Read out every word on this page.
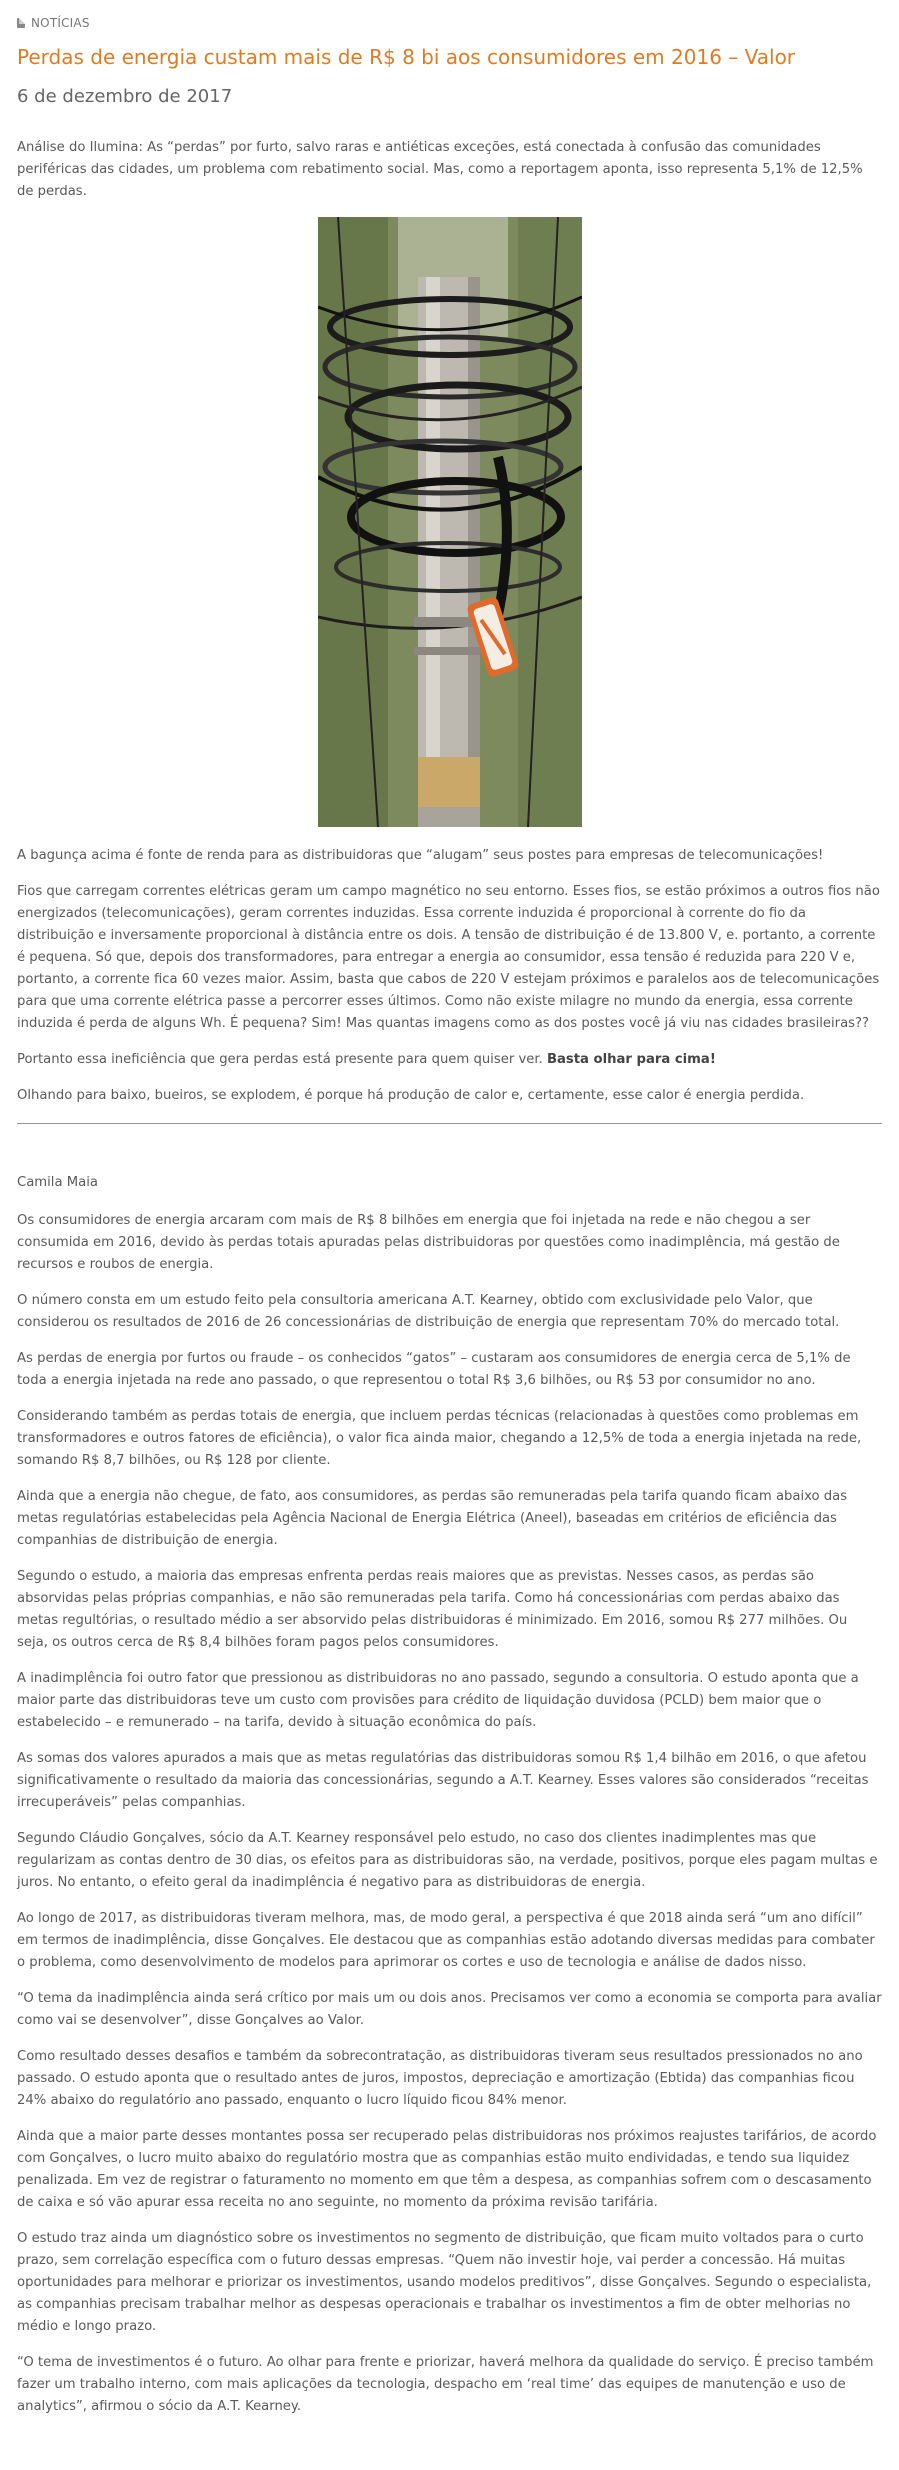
NOTÍCIAS
Perdas de energia custam mais de R$ 8 bi aos consumidores em 2016 – Valor
6 de dezembro de 2017

Análise do Ilumina: As “perdas” por furto, salvo raras e antiéticas exceções, está conectada à confusão das comunidades periféricas das cidades, um problema com rebatimento social. Mas, como a reportagem aponta, isso representa 5,1% de 12,5% de perdas.

A bagunça acima é fonte de renda para as distribuidoras que “alugam” seus postes para empresas de telecomunicações!

Fios que carregam correntes elétricas geram um campo magnético no seu entorno. Esses fios, se estão próximos a outros fios não energizados (telecomunicações), geram correntes induzidas. Essa corrente induzida é proporcional à corrente do fio da distribuição e inversamente proporcional à distância entre os dois. A tensão de distribuição é de 13.800 V, e. portanto, a corrente é pequena. Só que, depois dos transformadores, para entregar a energia ao consumidor, essa tensão é reduzida para 220 V e, portanto, a corrente fica 60 vezes maior. Assim, basta que cabos de 220 V estejam próximos e paralelos aos de telecomunicações para que uma corrente elétrica passe a percorrer esses últimos. Como não existe milagre no mundo da energia, essa corrente induzida é perda de alguns Wh. É pequena? Sim! Mas quantas imagens como as dos postes você já viu nas cidades brasileiras??

Portanto essa ineficiência que gera perdas está presente para quem quiser ver. Basta olhar para cima!

Olhando para baixo, bueiros, se explodem, é porque há produção de calor e, certamente, esse calor é energia perdida.

Camila Maia

Os consumidores de energia arcaram com mais de R$ 8 bilhões em energia que foi injetada na rede e não chegou a ser consumida em 2016, devido às perdas totais apuradas pelas distribuidoras por questões como inadimplência, má gestão de recursos e roubos de energia.

O número consta em um estudo feito pela consultoria americana A.T. Kearney, obtido com exclusividade pelo Valor, que considerou os resultados de 2016 de 26 concessionárias de distribuição de energia que representam 70% do mercado total.

As perdas de energia por furtos ou fraude – os conhecidos “gatos” – custaram aos consumidores de energia cerca de 5,1% de toda a energia injetada na rede ano passado, o que representou o total R$ 3,6 bilhões, ou R$ 53 por consumidor no ano.

Considerando também as perdas totais de energia, que incluem perdas técnicas (relacionadas à questões como problemas em transformadores e outros fatores de eficiência), o valor fica ainda maior, chegando a 12,5% de toda a energia injetada na rede, somando R$ 8,7 bilhões, ou R$ 128 por cliente.

Ainda que a energia não chegue, de fato, aos consumidores, as perdas são remuneradas pela tarifa quando ficam abaixo das metas regulatórias estabelecidas pela Agência Nacional de Energia Elétrica (Aneel), baseadas em critérios de eficiência das companhias de distribuição de energia.

Segundo o estudo, a maioria das empresas enfrenta perdas reais maiores que as previstas. Nesses casos, as perdas são absorvidas pelas próprias companhias, e não são remuneradas pela tarifa. Como há concessionárias com perdas abaixo das metas regultórias, o resultado médio a ser absorvido pelas distribuidoras é minimizado. Em 2016, somou R$ 277 milhões. Ou seja, os outros cerca de R$ 8,4 bilhões foram pagos pelos consumidores.

A inadimplência foi outro fator que pressionou as distribuidoras no ano passado, segundo a consultoria. O estudo aponta que a maior parte das distribuidoras teve um custo com provisões para crédito de liquidação duvidosa (PCLD) bem maior que o estabelecido – e remunerado – na tarifa, devido à situação econômica do país.

As somas dos valores apurados a mais que as metas regulatórias das distribuidoras somou R$ 1,4 bilhão em 2016, o que afetou significativamente o resultado da maioria das concessionárias, segundo a A.T. Kearney. Esses valores são considerados “receitas irrecuperáveis” pelas companhias.

Segundo Cláudio Gonçalves, sócio da A.T. Kearney responsável pelo estudo, no caso dos clientes inadimplentes mas que regularizam as contas dentro de 30 dias, os efeitos para as distribuidoras são, na verdade, positivos, porque eles pagam multas e juros. No entanto, o efeito geral da inadimplência é negativo para as distribuidoras de energia.

Ao longo de 2017, as distribuidoras tiveram melhora, mas, de modo geral, a perspectiva é que 2018 ainda será “um ano difícil” em termos de inadimplência, disse Gonçalves. Ele destacou que as companhias estão adotando diversas medidas para combater o problema, como desenvolvimento de modelos para aprimorar os cortes e uso de tecnologia e análise de dados nisso.

“O tema da inadimplência ainda será crítico por mais um ou dois anos. Precisamos ver como a economia se comporta para avaliar como vai se desenvolver”, disse Gonçalves ao Valor.

Como resultado desses desafios e também da sobrecontratação, as distribuidoras tiveram seus resultados pressionados no ano passado. O estudo aponta que o resultado antes de juros, impostos, depreciação e amortização (Ebtida) das companhias ficou 24% abaixo do regulatório ano passado, enquanto o lucro líquido ficou 84% menor.

Ainda que a maior parte desses montantes possa ser recuperado pelas distribuidoras nos próximos reajustes tarifários, de acordo com Gonçalves, o lucro muito abaixo do regulatório mostra que as companhias estão muito endividadas, e tendo sua liquidez penalizada. Em vez de registrar o faturamento no momento em que têm a despesa, as companhias sofrem com o descasamento de caixa e só vão apurar essa receita no ano seguinte, no momento da próxima revisão tarifária.

O estudo traz ainda um diagnóstico sobre os investimentos no segmento de distribuição, que ficam muito voltados para o curto prazo, sem correlação específica com o futuro dessas empresas. “Quem não investir hoje, vai perder a concessão. Há muitas oportunidades para melhorar e priorizar os investimentos, usando modelos preditivos”, disse Gonçalves. Segundo o especialista, as companhias precisam trabalhar melhor as despesas operacionais e trabalhar os investimentos a fim de obter melhorias no médio e longo prazo.

“O tema de investimentos é o futuro. Ao olhar para frente e priorizar, haverá melhora da qualidade do serviço. É preciso também fazer um trabalho interno, com mais aplicações da tecnologia, despacho em ‘real time’ das equipes de manutenção e uso de analytics”, afirmou o sócio da A.T. Kearney.
